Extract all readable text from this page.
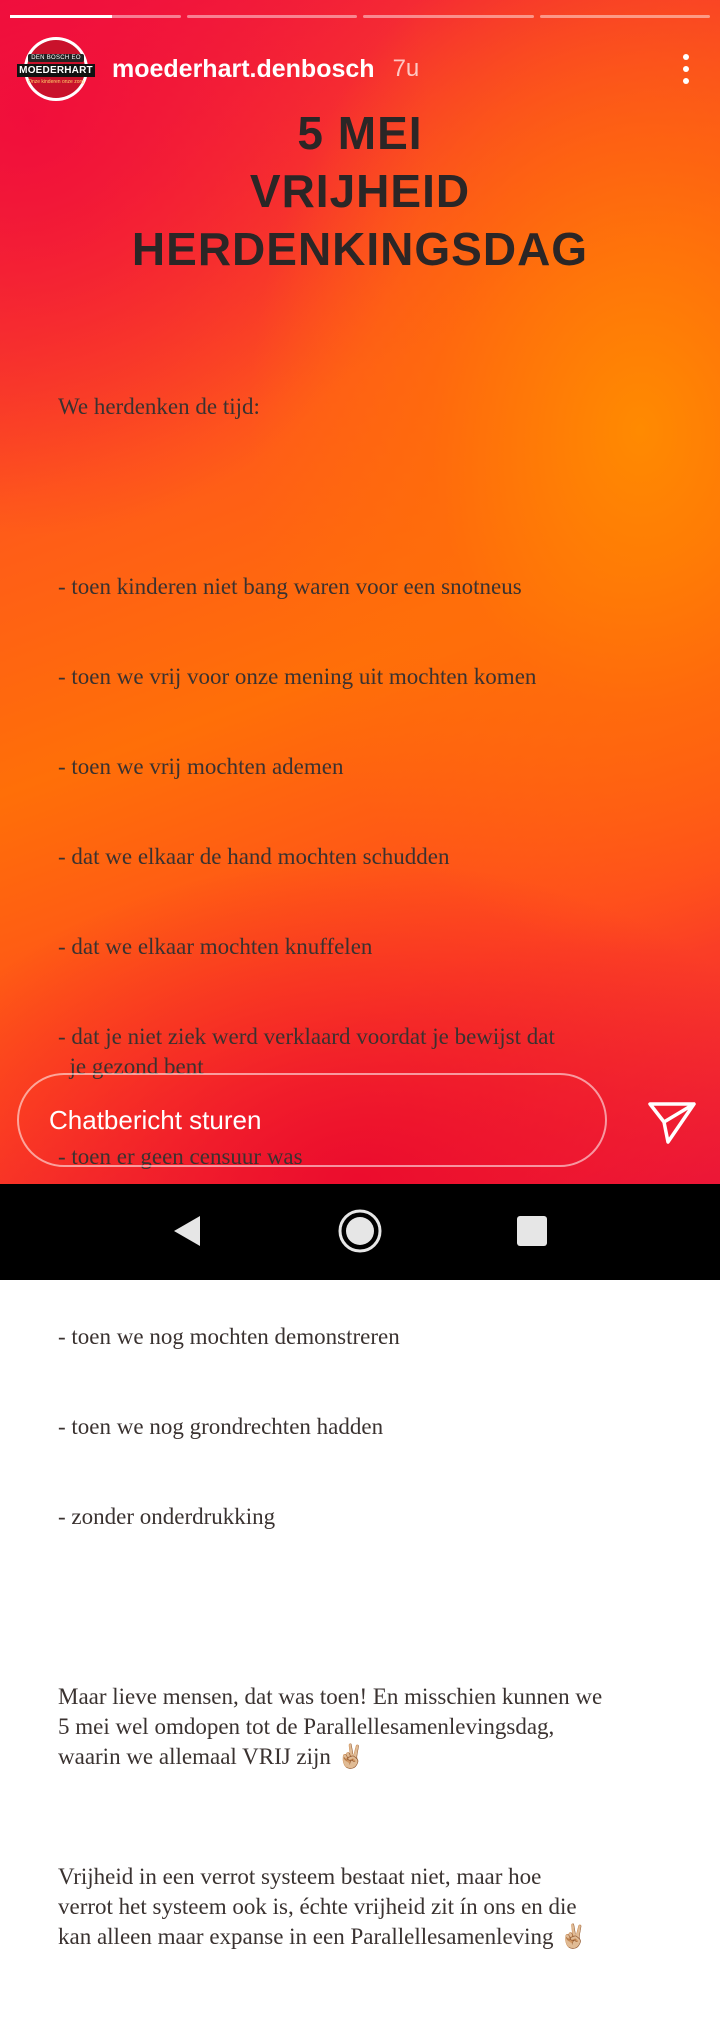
DEN BOSCH EO
MOEDERHART
Onze kinderen onze zorg moederhart.denbosch 7u
5 MEI
VRIJHEID
HERDENKINGSDAG

We herdenken de tijd:

- toen kinderen niet bang waren voor een snotneus

- toen we vrij voor onze mening uit mochten komen

- toen we vrij mochten ademen

- dat we elkaar de hand mochten schudden

- dat we elkaar mochten knuffelen

- dat je niet ziek werd verklaard voordat je bewijst dat
je gezond bent

- toen er geen censuur was

- toen we nog mochten demonstreren

- toen we nog grondrechten hadden

- zonder onderdrukking

Maar lieve mensen, dat was toen! En misschien kunnen we
5 mei wel omdopen tot de Parallellesamenlevingsdag,
waarin we allemaal VRIJ zijn ✌🏼

Vrijheid in een verrot systeem bestaat niet, maar hoe
verrot het systeem ook is, échte vrijheid zit ín ons en die
kan alleen maar expanse in een Parallellesamenleving ✌🏼

Chatbericht sturen
